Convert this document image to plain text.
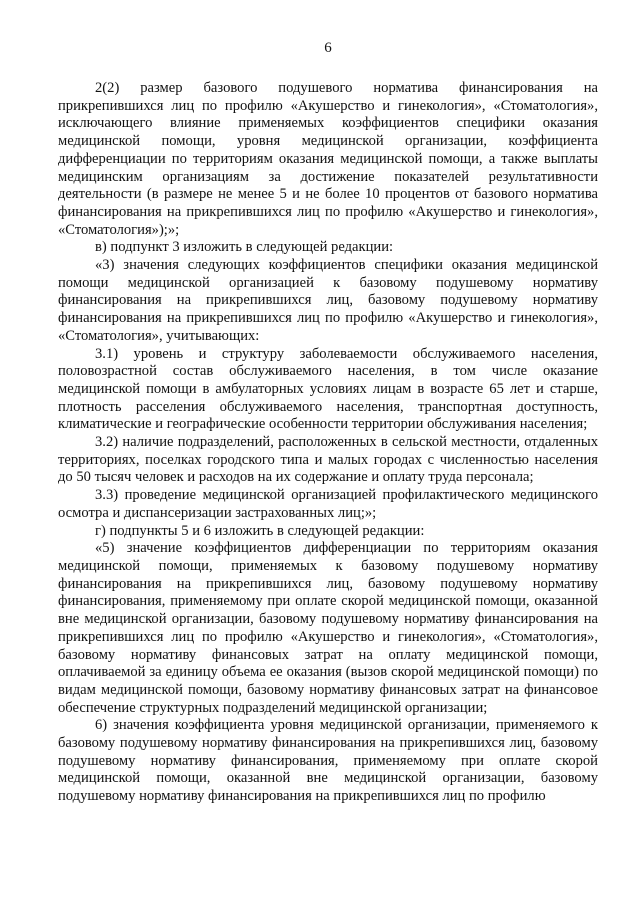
6

2(2) размер базового подушевого норматива финансирования на прикрепившихся лиц по профилю «Акушерство и гинекология», «Стоматология», исключающего влияние применяемых коэффициентов специфики оказания медицинской помощи, уровня медицинской организации, коэффициента дифференциации по территориям оказания медицинской помощи, а также выплаты медицинским организациям за достижение показателей результативности деятельности (в размере не менее 5 и не более 10 процентов от базового норматива финансирования на прикрепившихся лиц по профилю «Акушерство и гинекология», «Стоматология»);»;

в) подпункт 3 изложить в следующей редакции:

«3) значения следующих коэффициентов специфики оказания медицинской помощи медицинской организацией к базовому подушевому нормативу финансирования на прикрепившихся лиц, базовому подушевому нормативу финансирования на прикрепившихся лиц по профилю «Акушерство и гинекология», «Стоматология», учитывающих:

3.1) уровень и структуру заболеваемости обслуживаемого населения, половозрастной состав обслуживаемого населения, в том числе оказание медицинской помощи в амбулаторных условиях лицам в возрасте 65 лет и старше, плотность расселения обслуживаемого населения, транспортная доступность, климатические и географические особенности территории обслуживания населения;

3.2) наличие подразделений, расположенных в сельской местности, отдаленных территориях, поселках городского типа и малых городах с численностью населения до 50 тысяч человек и расходов на их содержание и оплату труда персонала;

3.3) проведение медицинской организацией профилактического медицинского осмотра и диспансеризации застрахованных лиц;»;

г) подпункты 5 и 6 изложить в следующей редакции:

«5) значение коэффициентов дифференциации по территориям оказания медицинской помощи, применяемых к базовому подушевому нормативу финансирования на прикрепившихся лиц, базовому подушевому нормативу финансирования, применяемому при оплате скорой медицинской помощи, оказанной вне медицинской организации, базовому подушевому нормативу финансирования на прикрепившихся лиц по профилю «Акушерство и гинекология», «Стоматология», базовому нормативу финансовых затрат на оплату медицинской помощи, оплачиваемой за единицу объема ее оказания (вызов скорой медицинской помощи) по видам медицинской помощи, базовому нормативу финансовых затрат на финансовое обеспечение структурных подразделений медицинской организации;

6) значения коэффициента уровня медицинской организации, применяемого к базовому подушевому нормативу финансирования на прикрепившихся лиц, базовому подушевому нормативу финансирования, применяемому при оплате скорой медицинской помощи, оказанной вне медицинской организации, базовому подушевому нормативу финансирования на прикрепившихся лиц по профилю
